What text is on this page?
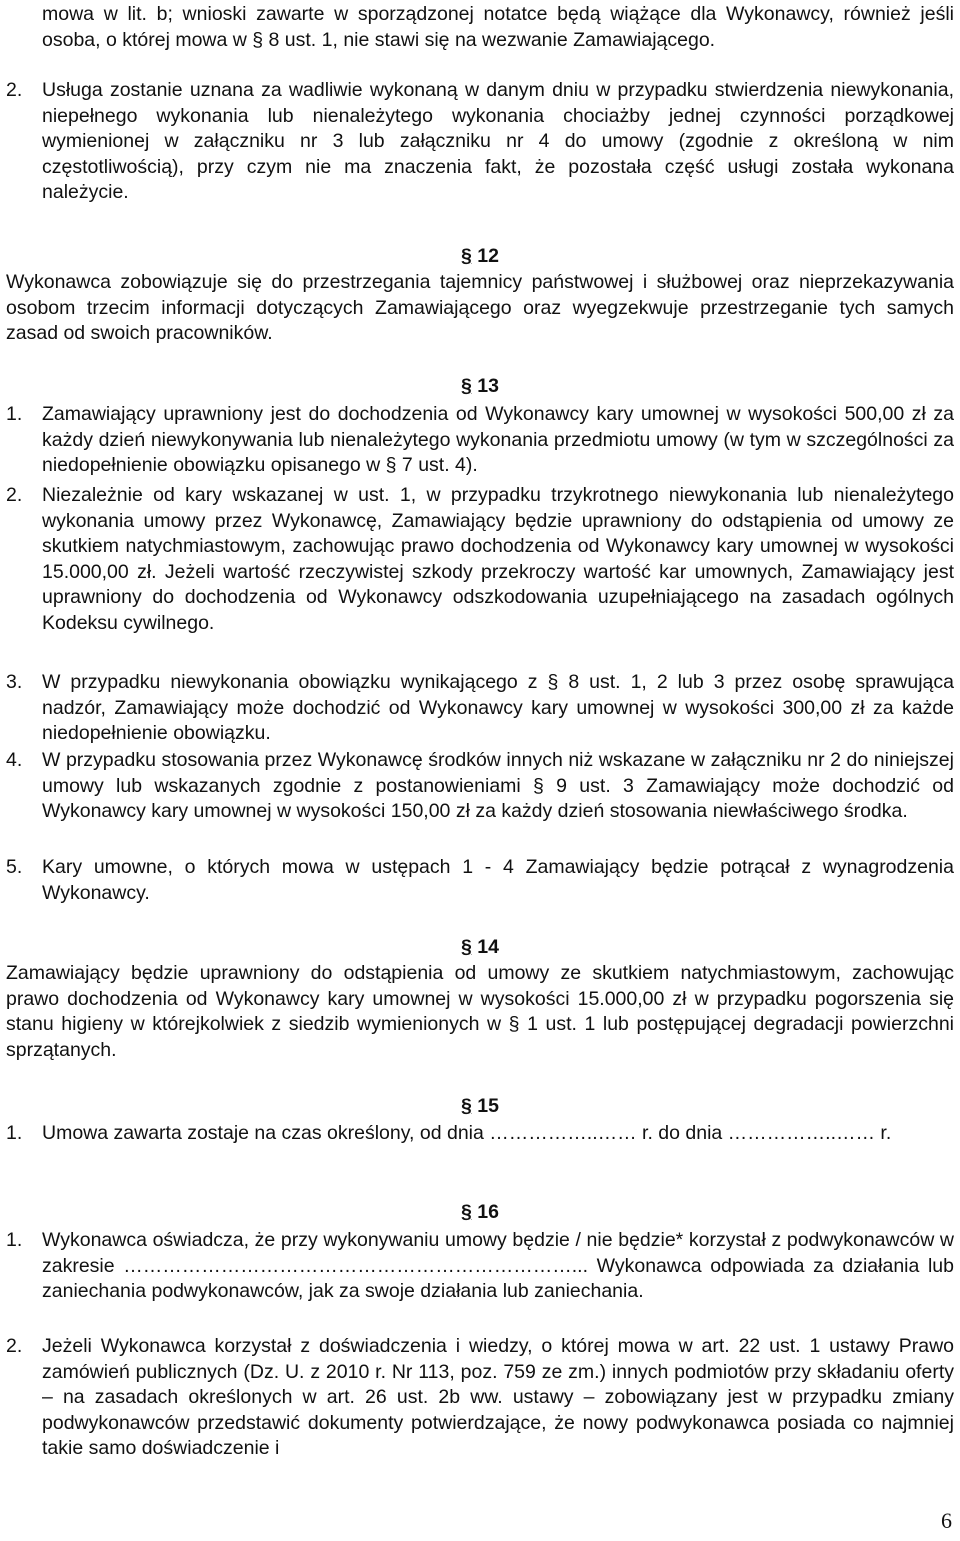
mowa w lit. b; wnioski zawarte w sporządzonej notatce będą wiążące dla Wykonawcy, również jeśli osoba, o której mowa w § 8 ust. 1, nie stawi się na wezwanie Zamawiającego.
2.	Usługa zostanie uznana za wadliwie wykonaną w danym dniu w przypadku stwierdzenia niewykonania, niepełnego wykonania lub nienależytego wykonania chociażby jednej czynności porządkowej wymienionej w załączniku nr 3 lub załączniku nr 4 do umowy (zgodnie z określoną w nim częstotliwością), przy czym nie ma znaczenia fakt, że pozostała część usługi została wykonana należycie.
§ 12
Wykonawca zobowiązuje się do przestrzegania tajemnicy państwowej i służbowej oraz nieprzekazywania osobom trzecim informacji dotyczących Zamawiającego oraz wyegzekwuje przestrzeganie tych samych zasad od swoich pracowników.
§ 13
1.	Zamawiający uprawniony jest do dochodzenia od Wykonawcy kary umownej w wysokości 500,00 zł za każdy dzień niewykonywania lub nienależytego wykonania przedmiotu umowy (w tym w szczególności za niedopełnienie obowiązku opisanego w § 7 ust. 4).
2.	Niezależnie od kary wskazanej w ust. 1, w przypadku trzykrotnego niewykonania lub nienależytego wykonania umowy przez Wykonawcę, Zamawiający będzie uprawniony do odstąpienia od umowy ze skutkiem natychmiastowym, zachowując prawo dochodzenia od Wykonawcy kary umownej w wysokości 15.000,00 zł. Jeżeli wartość rzeczywistej szkody przekroczy wartość kar umownych, Zamawiający jest uprawniony do dochodzenia od Wykonawcy odszkodowania uzupełniającego na zasadach ogólnych Kodeksu cywilnego.
3.	W przypadku niewykonania obowiązku wynikającego z § 8 ust. 1, 2 lub 3 przez osobę sprawująca nadzór, Zamawiający może dochodzić od Wykonawcy kary umownej w wysokości 300,00 zł za każde niedopełnienie obowiązku.
4.	W przypadku stosowania przez Wykonawcę środków innych niż wskazane w załączniku nr 2 do niniejszej umowy lub wskazanych zgodnie z postanowieniami § 9 ust. 3 Zamawiający może dochodzić od Wykonawcy kary umownej w wysokości 150,00 zł za każdy dzień stosowania niewłaściwego środka.
5.	Kary umowne, o których mowa w ustępach 1 - 4 Zamawiający będzie potrącał z wynagrodzenia Wykonawcy.
§ 14
Zamawiający będzie uprawniony do odstąpienia od umowy ze skutkiem natychmiastowym, zachowując prawo dochodzenia od Wykonawcy kary umownej w wysokości 15.000,00 zł w przypadku pogorszenia się stanu higieny w którejkolwiek z siedzib wymienionych w § 1 ust. 1 lub postępującej degradacji powierzchni sprzątanych.
§ 15
1.	Umowa zawarta zostaje na czas określony, od dnia ……………..…… r. do dnia ……………..…… r.
§ 16
1.	Wykonawca oświadcza, że przy wykonywaniu umowy będzie / nie będzie* korzystał z podwykonawców w zakresie ……………………………………………………………... Wykonawca odpowiada za działania lub zaniechania podwykonawców, jak za swoje działania lub zaniechania.
2.	Jeżeli Wykonawca korzystał z doświadczenia i wiedzy, o której mowa w art. 22 ust. 1 ustawy Prawo zamówień publicznych (Dz. U. z 2010 r. Nr 113, poz. 759 ze zm.) innych podmiotów przy składaniu oferty – na zasadach określonych w art. 26 ust. 2b ww. ustawy – zobowiązany jest w przypadku zmiany podwykonawców przedstawić dokumenty potwierdzające, że nowy podwykonawca posiada co najmniej takie samo doświadczenie i
6
